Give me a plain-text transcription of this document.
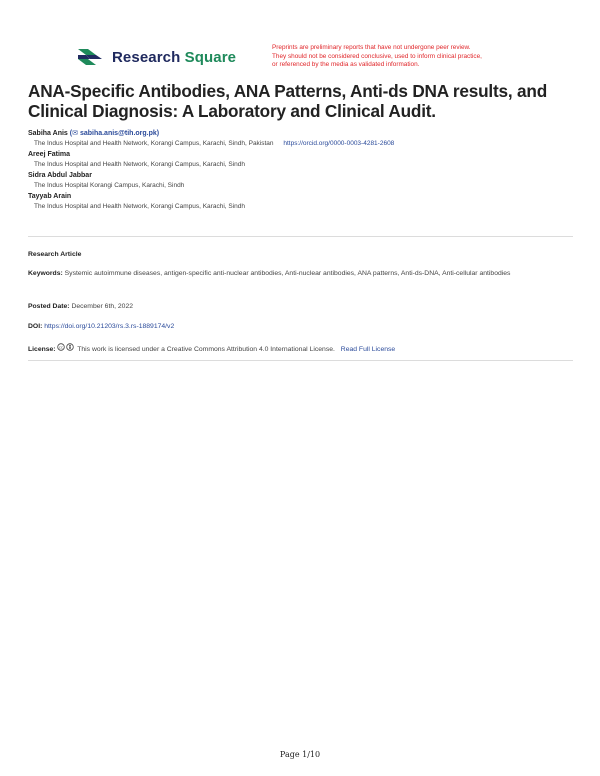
Research Square
Preprints are preliminary reports that have not undergone peer review.
They should not be considered conclusive, used to inform clinical practice,
or referenced by the media as validated information.
ANA-Specific Antibodies, ANA Patterns, Anti-ds DNA results, and Clinical Diagnosis: A Laboratory and Clinical Audit.
Sabiha Anis (✉ sabiha.anis@tih.org.pk)
The Indus Hospital and Health Network, Korangi Campus, Karachi, Sindh, Pakistan https://orcid.org/0000-0003-4281-2608
Areej Fatima
The Indus Hospital and Health Network, Korangi Campus, Karachi, Sindh
Sidra Abdul Jabbar
The Indus Hospital Korangi Campus, Karachi, Sindh
Tayyab Arain
The Indus Hospital and Health Network, Korangi Campus, Karachi, Sindh
Research Article
Keywords: Systemic autoimmune diseases, antigen-specific anti-nuclear antibodies, Anti-nuclear antibodies, ANA patterns, Anti-ds-DNA, Anti-cellular antibodies
Posted Date: December 6th, 2022
DOI: https://doi.org/10.21203/rs.3.rs-1889174/v2
License: cc This work is licensed under a Creative Commons Attribution 4.0 International License. Read Full License
Page 1/10
